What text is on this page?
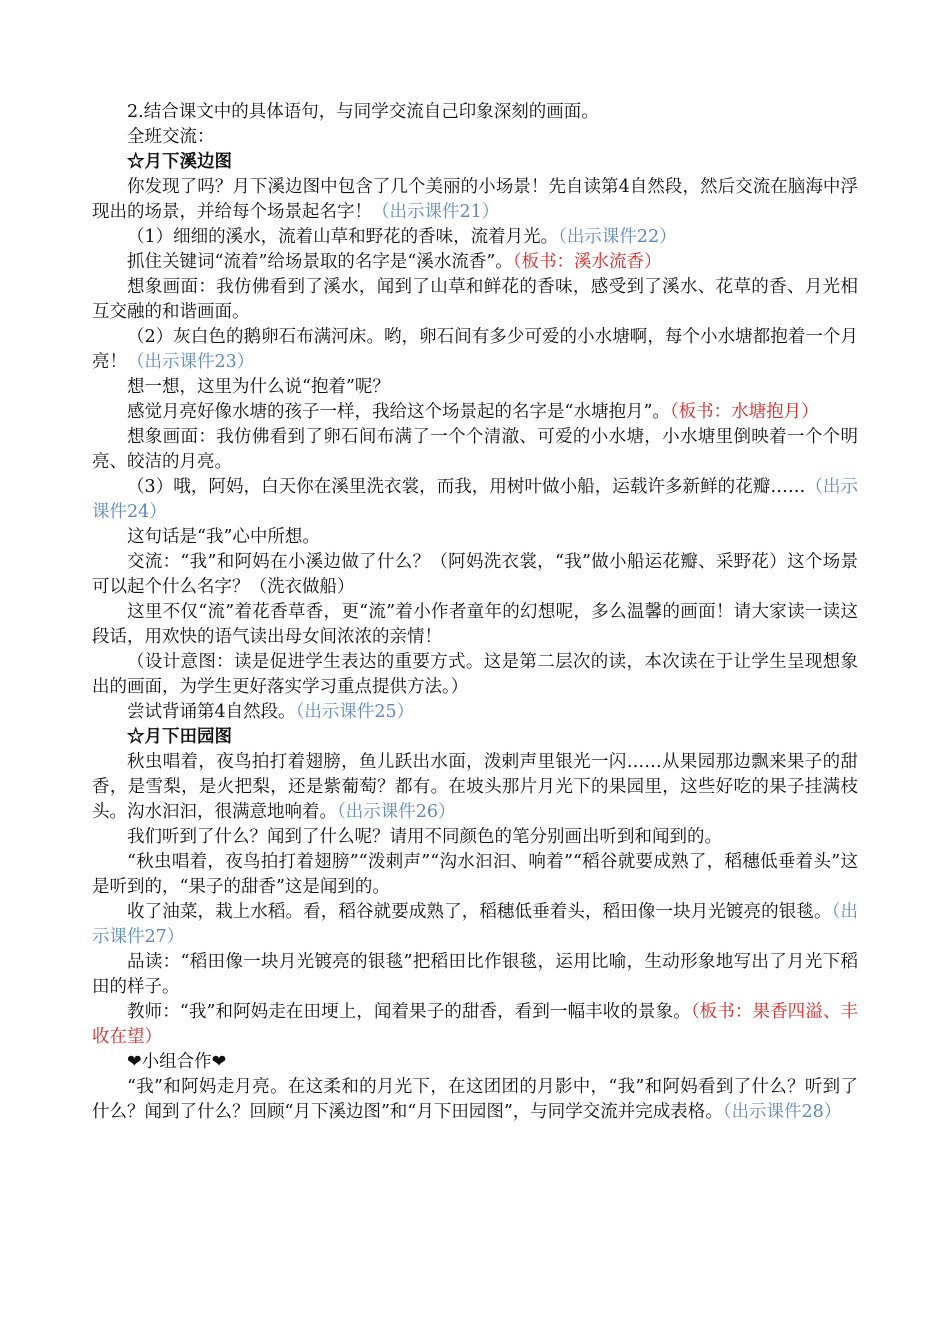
2.结合课文中的具体语句，与同学交流自己印象深刻的画面。

全班交流：

☆月下溪边图

你发现了吗？月下溪边图中包含了几个美丽的小场景！先自读第4自然段，然后交流在脑海中浮现出的场景，并给每个场景起名字！（出示课件21）

（1）细细的溪水，流着山草和野花的香味，流着月光。（出示课件22）

抓住关键词“流着”给场景取的名字是“溪水流香”。（板书：溪水流香）

想象画面：我仿佛看到了溪水，闻到了山草和鲜花的香味，感受到了溪水、花草的香、月光相互交融的和谐画面。

（2）灰白色的鹅卵石布满河床。哟，卵石间有多少可爱的小水塘啊，每个小水塘都抱着一个月亮！（出示课件23）

想一想，这里为什么说“抱着”呢？

感觉月亮好像水塘的孩子一样，我给这个场景起的名字是“水塘抱月”。（板书：水塘抱月）

想象画面：我仿佛看到了卵石间布满了一个个清澈、可爱的小水塘，小水塘里倒映着一个个明亮、皎洁的月亮。

（3）哦，阿妈，白天你在溪里洗衣裳，而我，用树叶做小船，运载许多新鲜的花瓣……（出示课件24）

这句话是“我”心中所想。

交流：“我”和阿妈在小溪边做了什么？（阿妈洗衣裳，“我”做小船运花瓣、采野花）这个场景可以起个什么名字？（洗衣做船）

这里不仅“流”着花香草香，更“流”着小作者童年的幻想呢，多么温馨的画面！请大家读一读这段话，用欢快的语气读出母女间浓浓的亲情！

（设计意图：读是促进学生表达的重要方式。这是第二层次的读，本次读在于让学生呈现想象出的画面，为学生更好落实学习重点提供方法。）

尝试背诵第4自然段。（出示课件25）

☆月下田园图

秋虫唱着，夜鸟拍打着翅膀，鱼儿跃出水面，泼剌声里银光一闪……从果园那边飘来果子的甜香，是雪梨，是火把梨，还是紫葡萄？都有。在坡头那片月光下的果园里，这些好吃的果子挂满枝头。沟水汩汩，很满意地响着。（出示课件26）

我们听到了什么？闻到了什么呢？请用不同颜色的笔分别画出听到和闻到的。

“秋虫唱着，夜鸟拍打着翅膀”“泼刺声”“沟水汩汩、响着”“稻谷就要成熟了，稻穗低垂着头”这是听到的，“果子的甜香”这是闻到的。

收了油菜，栽上水稻。看，稻谷就要成熟了，稻穗低垂着头，稻田像一块月光镀亮的银毯。（出示课件27）

品读：“稻田像一块月光镀亮的银毯”把稻田比作银毯，运用比喻，生动形象地写出了月光下稻田的样子。

教师：“我”和阿妈走在田埂上，闻着果子的甜香，看到一幅丰收的景象。（板书：果香四溢、丰收在望）

❤小组合作❤

“我”和阿妈走月亮。在这柔和的月光下，在这团团的月影中，“我”和阿妈看到了什么？听到了什么？闻到了什么？回顾“月下溪边图”和“月下田园图”，与同学交流并完成表格。（出示课件28）
